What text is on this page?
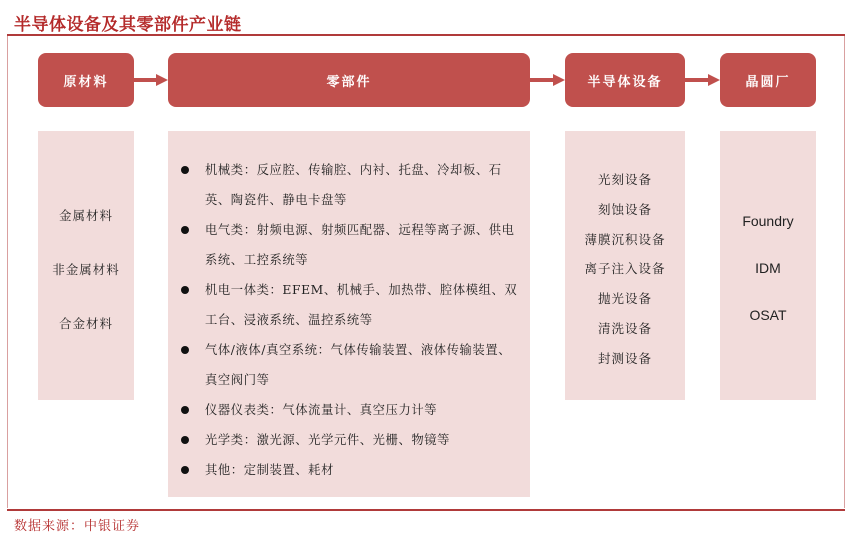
半导体设备及其零部件产业链
原材料	零部件	半导体设备	晶圆厂
金属材料
非金属材料
合金材料
机械类：反应腔、传输腔、内衬、托盘、冷却板、石英、陶瓷件、静电卡盘等
电气类：射频电源、射频匹配器、远程等离子源、供电系统、工控系统等
机电一体类：EFEM、机械手、加热带、腔体模组、双工台、浸液系统、温控系统等
气体/液体/真空系统：气体传输装置、液体传输装置、真空阀门等
仪器仪表类：气体流量计、真空压力计等
光学类：激光源、光学元件、光栅、物镜等
其他：定制装置、耗材
光刻设备
刻蚀设备
薄膜沉积设备
离子注入设备
抛光设备
清洗设备
封测设备
Foundry
IDM
OSAT
数据来源：中银证券
